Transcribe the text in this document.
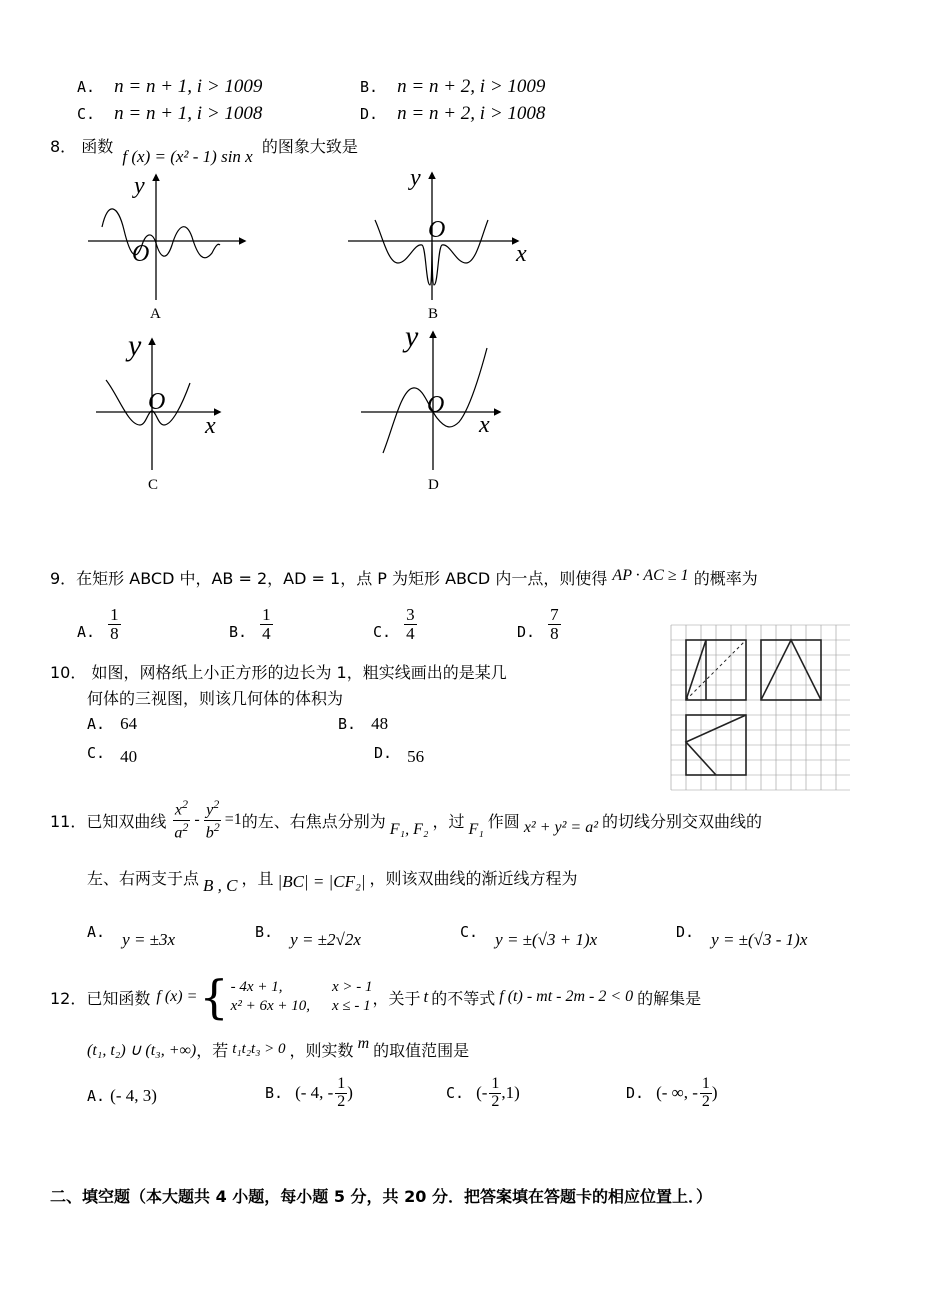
A. n = n + 1, i > 1009	B. n = n + 2, i > 1009
C. n = n + 1, i > 1008	D. n = n + 2, i > 1008
8． 函数 f (x) = (x² - 1) sin x 的图象大致是
y
O
A
y
O
x
B
y
O
x
C
y
O
x
D
9．在矩形 ABCD 中，AB = 2，AD = 1，点 P 为矩形 ABCD 内一点，则使得 AP · AC ≥ 1 的概率为
A. $\frac{1}{8}$	B. $\frac{1}{4}$	C. $\frac{3}{4}$	D. $\frac{7}{8}$
10． 如图，网格纸上小正方形的边长为 1，粗实线画出的是某几
何体的三视图，则该几何体的体积为
A. 64	B. 48
C. 40	D. 56
11． 已知双曲线 $\frac{x^2}{a^2} - \frac{y^2}{b^2} =1$ 的左、右焦点分别为 F₁, F₂ ，过 F₁ 作圆 x² + y² = a² 的切线分别交双曲线的
左、右两支于点 B , C ，且 |BC| = |CF₂| ，则该双曲线的渐近线方程为
A. y = ±3x	B. y = ±2√2x	C. y = ±(√3 + 1)x	D. y = ±(√3 - 1)x
12． 已知函数 f (x) = { - 4x + 1,	x > - 1
x² + 6x + 10, x ≤ - 1 ，关于 t 的不等式 f (t) - mt - 2m - 2 < 0 的解集是
(t₁, t₂) ∪ (t₃, +∞) ，若 t₁t₂t₃ > 0 ，则实数 m 的取值范围是
A. (- 4, 3)	B. (- 4, - $\frac{1}{2}$ )	C. (- $\frac{1}{2} ,1$)	D. (- ∞, - $\frac{1}{2}$ )
二、填空题（本大题共 4 小题，每小题 5 分，共 20 分．把答案填在答题卡的相应位置上．）
